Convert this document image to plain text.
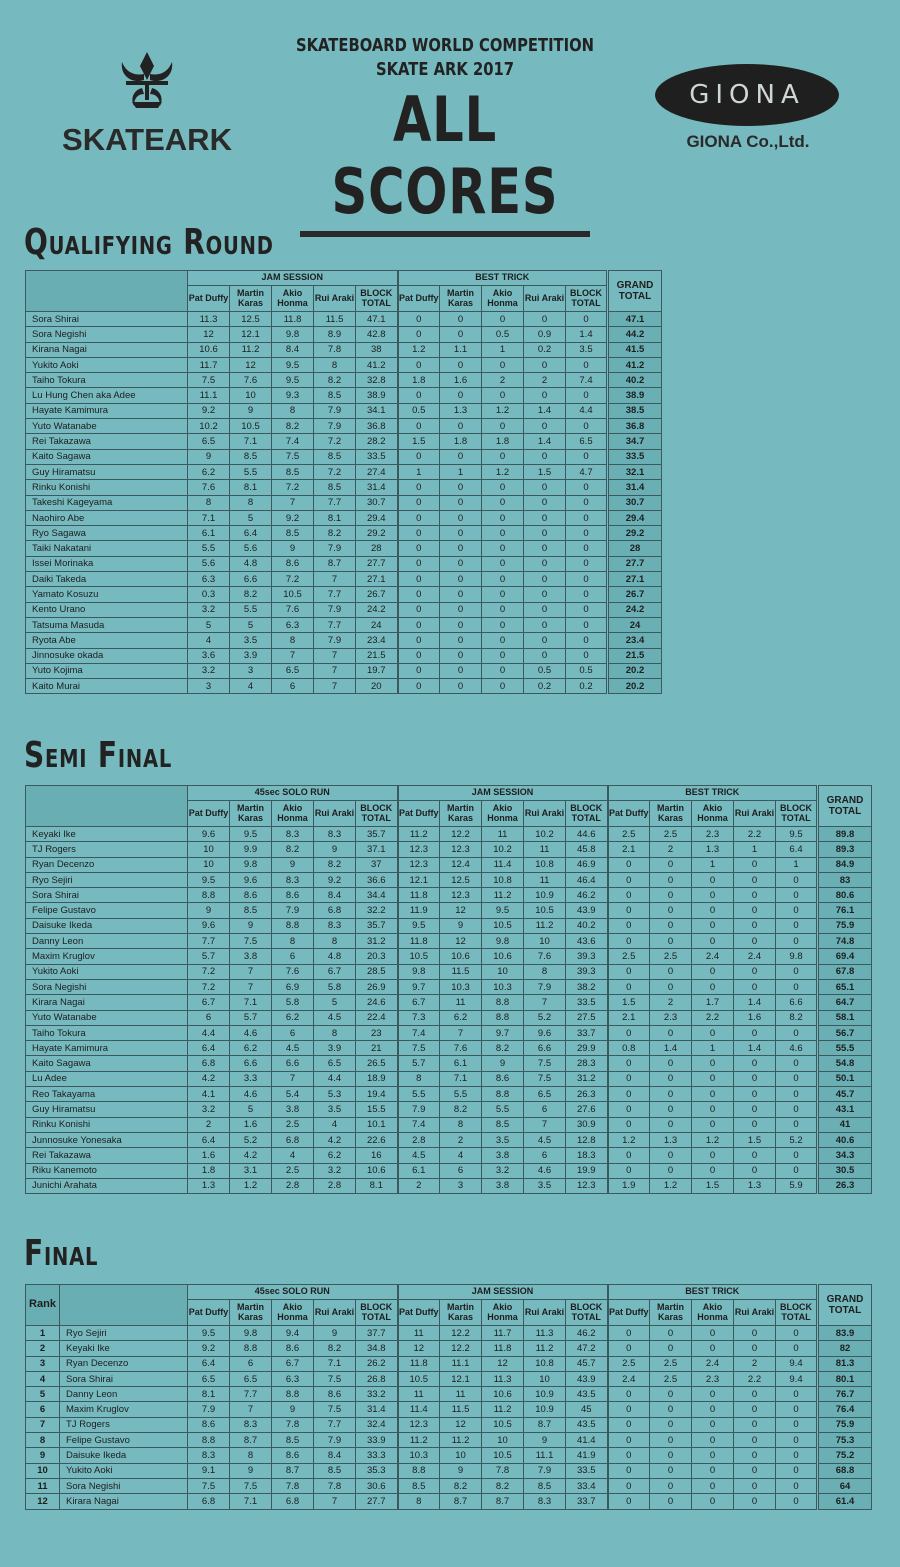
SKATEARK
SKATEBOARD WORLD COMPETITION
SKATE ARK 2017
ALL SCORES
GIONA
GIONA Co.,Ltd.
Qualifying Round
	JAM SESSION					BEST TRICK					GRAND TOTAL
	Pat Duffy	Martin Karas	Akio Honma	Rui Araki	BLOCK TOTAL	Pat Duffy	Martin Karas	Akio Honma	Rui Araki	BLOCK TOTAL	
Sora Shirai	11.3	12.5	11.8	11.5	47.1	0	0	0	0	0	47.1
Sora Negishi	12	12.1	9.8	8.9	42.8	0	0	0.5	0.9	1.4	44.2
Kirana Nagai	10.6	11.2	8.4	7.8	38	1.2	1.1	1	0.2	3.5	41.5
Yukito Aoki	11.7	12	9.5	8	41.2	0	0	0	0	0	41.2
Taiho Tokura	7.5	7.6	9.5	8.2	32.8	1.8	1.6	2	2	7.4	40.2
Lu Hung Chen aka Adee	11.1	10	9.3	8.5	38.9	0	0	0	0	0	38.9
Hayate Kamimura	9.2	9	8	7.9	34.1	0.5	1.3	1.2	1.4	4.4	38.5
Yuto Watanabe	10.2	10.5	8.2	7.9	36.8	0	0	0	0	0	36.8
Rei Takazawa	6.5	7.1	7.4	7.2	28.2	1.5	1.8	1.8	1.4	6.5	34.7
Kaito Sagawa	9	8.5	7.5	8.5	33.5	0	0	0	0	0	33.5
Guy Hiramatsu	6.2	5.5	8.5	7.2	27.4	1	1	1.2	1.5	4.7	32.1
Rinku Konishi	7.6	8.1	7.2	8.5	31.4	0	0	0	0	0	31.4
Takeshi Kageyama	8	8	7	7.7	30.7	0	0	0	0	0	30.7
Naohiro Abe	7.1	5	9.2	8.1	29.4	0	0	0	0	0	29.4
Ryo Sagawa	6.1	6.4	8.5	8.2	29.2	0	0	0	0	0	29.2
Taiki Nakatani	5.5	5.6	9	7.9	28	0	0	0	0	0	28
Issei Morinaka	5.6	4.8	8.6	8.7	27.7	0	0	0	0	0	27.7
Daiki Takeda	6.3	6.6	7.2	7	27.1	0	0	0	0	0	27.1
Yamato Kosuzu	0.3	8.2	10.5	7.7	26.7	0	0	0	0	0	26.7
Kento Urano	3.2	5.5	7.6	7.9	24.2	0	0	0	0	0	24.2
Tatsuma Masuda	5	5	6.3	7.7	24	0	0	0	0	0	24
Ryota Abe	4	3.5	8	7.9	23.4	0	0	0	0	0	23.4
Jinnosuke okada	3.6	3.9	7	7	21.5	0	0	0	0	0	21.5
Yuto Kojima	3.2	3	6.5	7	19.7	0	0	0	0.5	0.5	20.2
Kaito Murai	3	4	6	7	20	0	0	0	0.2	0.2	20.2
Semi Final
	45sec SOLO RUN					JAM SESSION					BEST TRICK					GRAND TOTAL
	Pat Duffy	Martin Karas	Akio Honma	Rui Araki	BLOCK TOTAL	Pat Duffy	Martin Karas	Akio Honma	Rui Araki	BLOCK TOTAL	Pat Duffy	Martin Karas	Akio Honma	Rui Araki	BLOCK TOTAL	
Keyaki Ike	9.6	9.5	8.3	8.3	35.7	11.2	12.2	11	10.2	44.6	2.5	2.5	2.3	2.2	9.5	89.8
TJ Rogers	10	9.9	8.2	9	37.1	12.3	12.3	10.2	11	45.8	2.1	2	1.3	1	6.4	89.3
Ryan Decenzo	10	9.8	9	8.2	37	12.3	12.4	11.4	10.8	46.9	0	0	1	0	1	84.9
Ryo Sejiri	9.5	9.6	8.3	9.2	36.6	12.1	12.5	10.8	11	46.4	0	0	0	0	0	83
Sora Shirai	8.8	8.6	8.6	8.4	34.4	11.8	12.3	11.2	10.9	46.2	0	0	0	0	0	80.6
Felipe Gustavo	9	8.5	7.9	6.8	32.2	11.9	12	9.5	10.5	43.9	0	0	0	0	0	76.1
Daisuke Ikeda	9.6	9	8.8	8.3	35.7	9.5	9	10.5	11.2	40.2	0	0	0	0	0	75.9
Danny Leon	7.7	7.5	8	8	31.2	11.8	12	9.8	10	43.6	0	0	0	0	0	74.8
Maxim Kruglov	5.7	3.8	6	4.8	20.3	10.5	10.6	10.6	7.6	39.3	2.5	2.5	2.4	2.4	9.8	69.4
Yukito Aoki	7.2	7	7.6	6.7	28.5	9.8	11.5	10	8	39.3	0	0	0	0	0	67.8
Sora Negishi	7.2	7	6.9	5.8	26.9	9.7	10.3	10.3	7.9	38.2	0	0	0	0	0	65.1
Kirara Nagai	6.7	7.1	5.8	5	24.6	6.7	11	8.8	7	33.5	1.5	2	1.7	1.4	6.6	64.7
Yuto Watanabe	6	5.7	6.2	4.5	22.4	7.3	6.2	8.8	5.2	27.5	2.1	2.3	2.2	1.6	8.2	58.1
Taiho Tokura	4.4	4.6	6	8	23	7.4	7	9.7	9.6	33.7	0	0	0	0	0	56.7
Hayate Kamimura	6.4	6.2	4.5	3.9	21	7.5	7.6	8.2	6.6	29.9	0.8	1.4	1	1.4	4.6	55.5
Kaito Sagawa	6.8	6.6	6.6	6.5	26.5	5.7	6.1	9	7.5	28.3	0	0	0	0	0	54.8
Lu Adee	4.2	3.3	7	4.4	18.9	8	7.1	8.6	7.5	31.2	0	0	0	0	0	50.1
Reo Takayama	4.1	4.6	5.4	5.3	19.4	5.5	5.5	8.8	6.5	26.3	0	0	0	0	0	45.7
Guy Hiramatsu	3.2	5	3.8	3.5	15.5	7.9	8.2	5.5	6	27.6	0	0	0	0	0	43.1
Rinku Konishi	2	1.6	2.5	4	10.1	7.4	8	8.5	7	30.9	0	0	0	0	0	41
Junnosuke Yonesaka	6.4	5.2	6.8	4.2	22.6	2.8	2	3.5	4.5	12.8	1.2	1.3	1.2	1.5	5.2	40.6
Rei Takazawa	1.6	4.2	4	6.2	16	4.5	4	3.8	6	18.3	0	0	0	0	0	34.3
Riku Kanemoto	1.8	3.1	2.5	3.2	10.6	6.1	6	3.2	4.6	19.9	0	0	0	0	0	30.5
Junichi Arahata	1.3	1.2	2.8	2.8	8.1	2	3	3.8	3.5	12.3	1.9	1.2	1.5	1.3	5.9	26.3
Final
Rank		45sec SOLO RUN					JAM SESSION					BEST TRICK					GRAND TOTAL
		Pat Duffy	Martin Karas	Akio Honma	Rui Araki	BLOCK TOTAL	Pat Duffy	Martin Karas	Akio Honma	Rui Araki	BLOCK TOTAL	Pat Duffy	Martin Karas	Akio Honma	Rui Araki	BLOCK TOTAL	
1	Ryo Sejiri	9.5	9.8	9.4	9	37.7	11	12.2	11.7	11.3	46.2	0	0	0	0	0	83.9
2	Keyaki Ike	9.2	8.8	8.6	8.2	34.8	12	12.2	11.8	11.2	47.2	0	0	0	0	0	82
3	Ryan Decenzo	6.4	6	6.7	7.1	26.2	11.8	11.1	12	10.8	45.7	2.5	2.5	2.4	2	9.4	81.3
4	Sora Shirai	6.5	6.5	6.3	7.5	26.8	10.5	12.1	11.3	10	43.9	2.4	2.5	2.3	2.2	9.4	80.1
5	Danny Leon	8.1	7.7	8.8	8.6	33.2	11	11	10.6	10.9	43.5	0	0	0	0	0	76.7
6	Maxim Kruglov	7.9	7	9	7.5	31.4	11.4	11.5	11.2	10.9	45	0	0	0	0	0	76.4
7	TJ Rogers	8.6	8.3	7.8	7.7	32.4	12.3	12	10.5	8.7	43.5	0	0	0	0	0	75.9
8	Felipe Gustavo	8.8	8.7	8.5	7.9	33.9	11.2	11.2	10	9	41.4	0	0	0	0	0	75.3
9	Daisuke Ikeda	8.3	8	8.6	8.4	33.3	10.3	10	10.5	11.1	41.9	0	0	0	0	0	75.2
10	Yukito Aoki	9.1	9	8.7	8.5	35.3	8.8	9	7.8	7.9	33.5	0	0	0	0	0	68.8
11	Sora Negishi	7.5	7.5	7.8	7.8	30.6	8.5	8.2	8.2	8.5	33.4	0	0	0	0	0	64
12	Kirara Nagai	6.8	7.1	6.8	7	27.7	8	8.7	8.7	8.3	33.7	0	0	0	0	0	61.4
